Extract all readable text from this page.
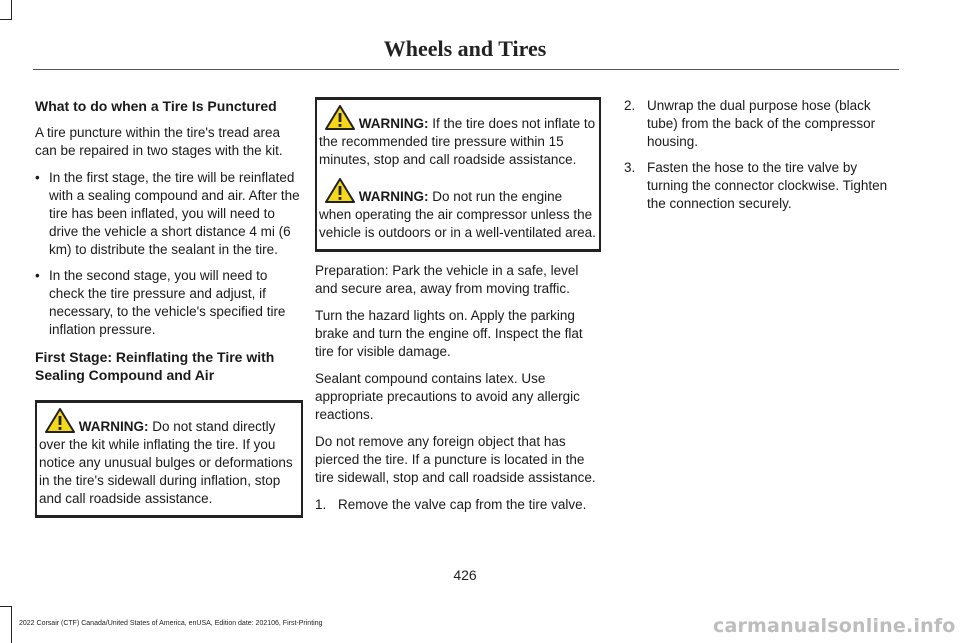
Wheels and Tires
What to do when a Tire Is Punctured

A tire puncture within the tire's tread area can be repaired in two stages with the kit.

• In the first stage, the tire will be reinflated with a sealing compound and air. After the tire has been inflated, you will need to drive the vehicle a short distance 4 mi (6 km) to distribute the sealant in the tire.
• In the second stage, you will need to check the tire pressure and adjust, if necessary, to the vehicle's specified tire inflation pressure.
First Stage: Reinflating the Tire with Sealing Compound and Air

WARNING: Do not stand directly over the kit while inflating the tire. If you notice any unusual bulges or deformations in the tire's sidewall during inflation, stop and call roadside assistance.

WARNING: If the tire does not inflate to the recommended tire pressure within 15 minutes, stop and call roadside assistance.

WARNING: Do not run the engine when operating the air compressor unless the vehicle is outdoors or in a well-ventilated area.

Preparation: Park the vehicle in a safe, level and secure area, away from moving traffic.

Turn the hazard lights on. Apply the parking brake and turn the engine off. Inspect the flat tire for visible damage.

Sealant compound contains latex. Use appropriate precautions to avoid any allergic reactions.

Do not remove any foreign object that has pierced the tire. If a puncture is located in the tire sidewall, stop and call roadside assistance.

1. Remove the valve cap from the tire valve.
2. Unwrap the dual purpose hose (black tube) from the back of the compressor housing.
3. Fasten the hose to the tire valve by turning the connector clockwise. Tighten the connection securely.
426
2022 Corsair (CTF) Canada/United States of America, enUSA, Edition date: 202106, First-Printing	carmanualsonline.info
